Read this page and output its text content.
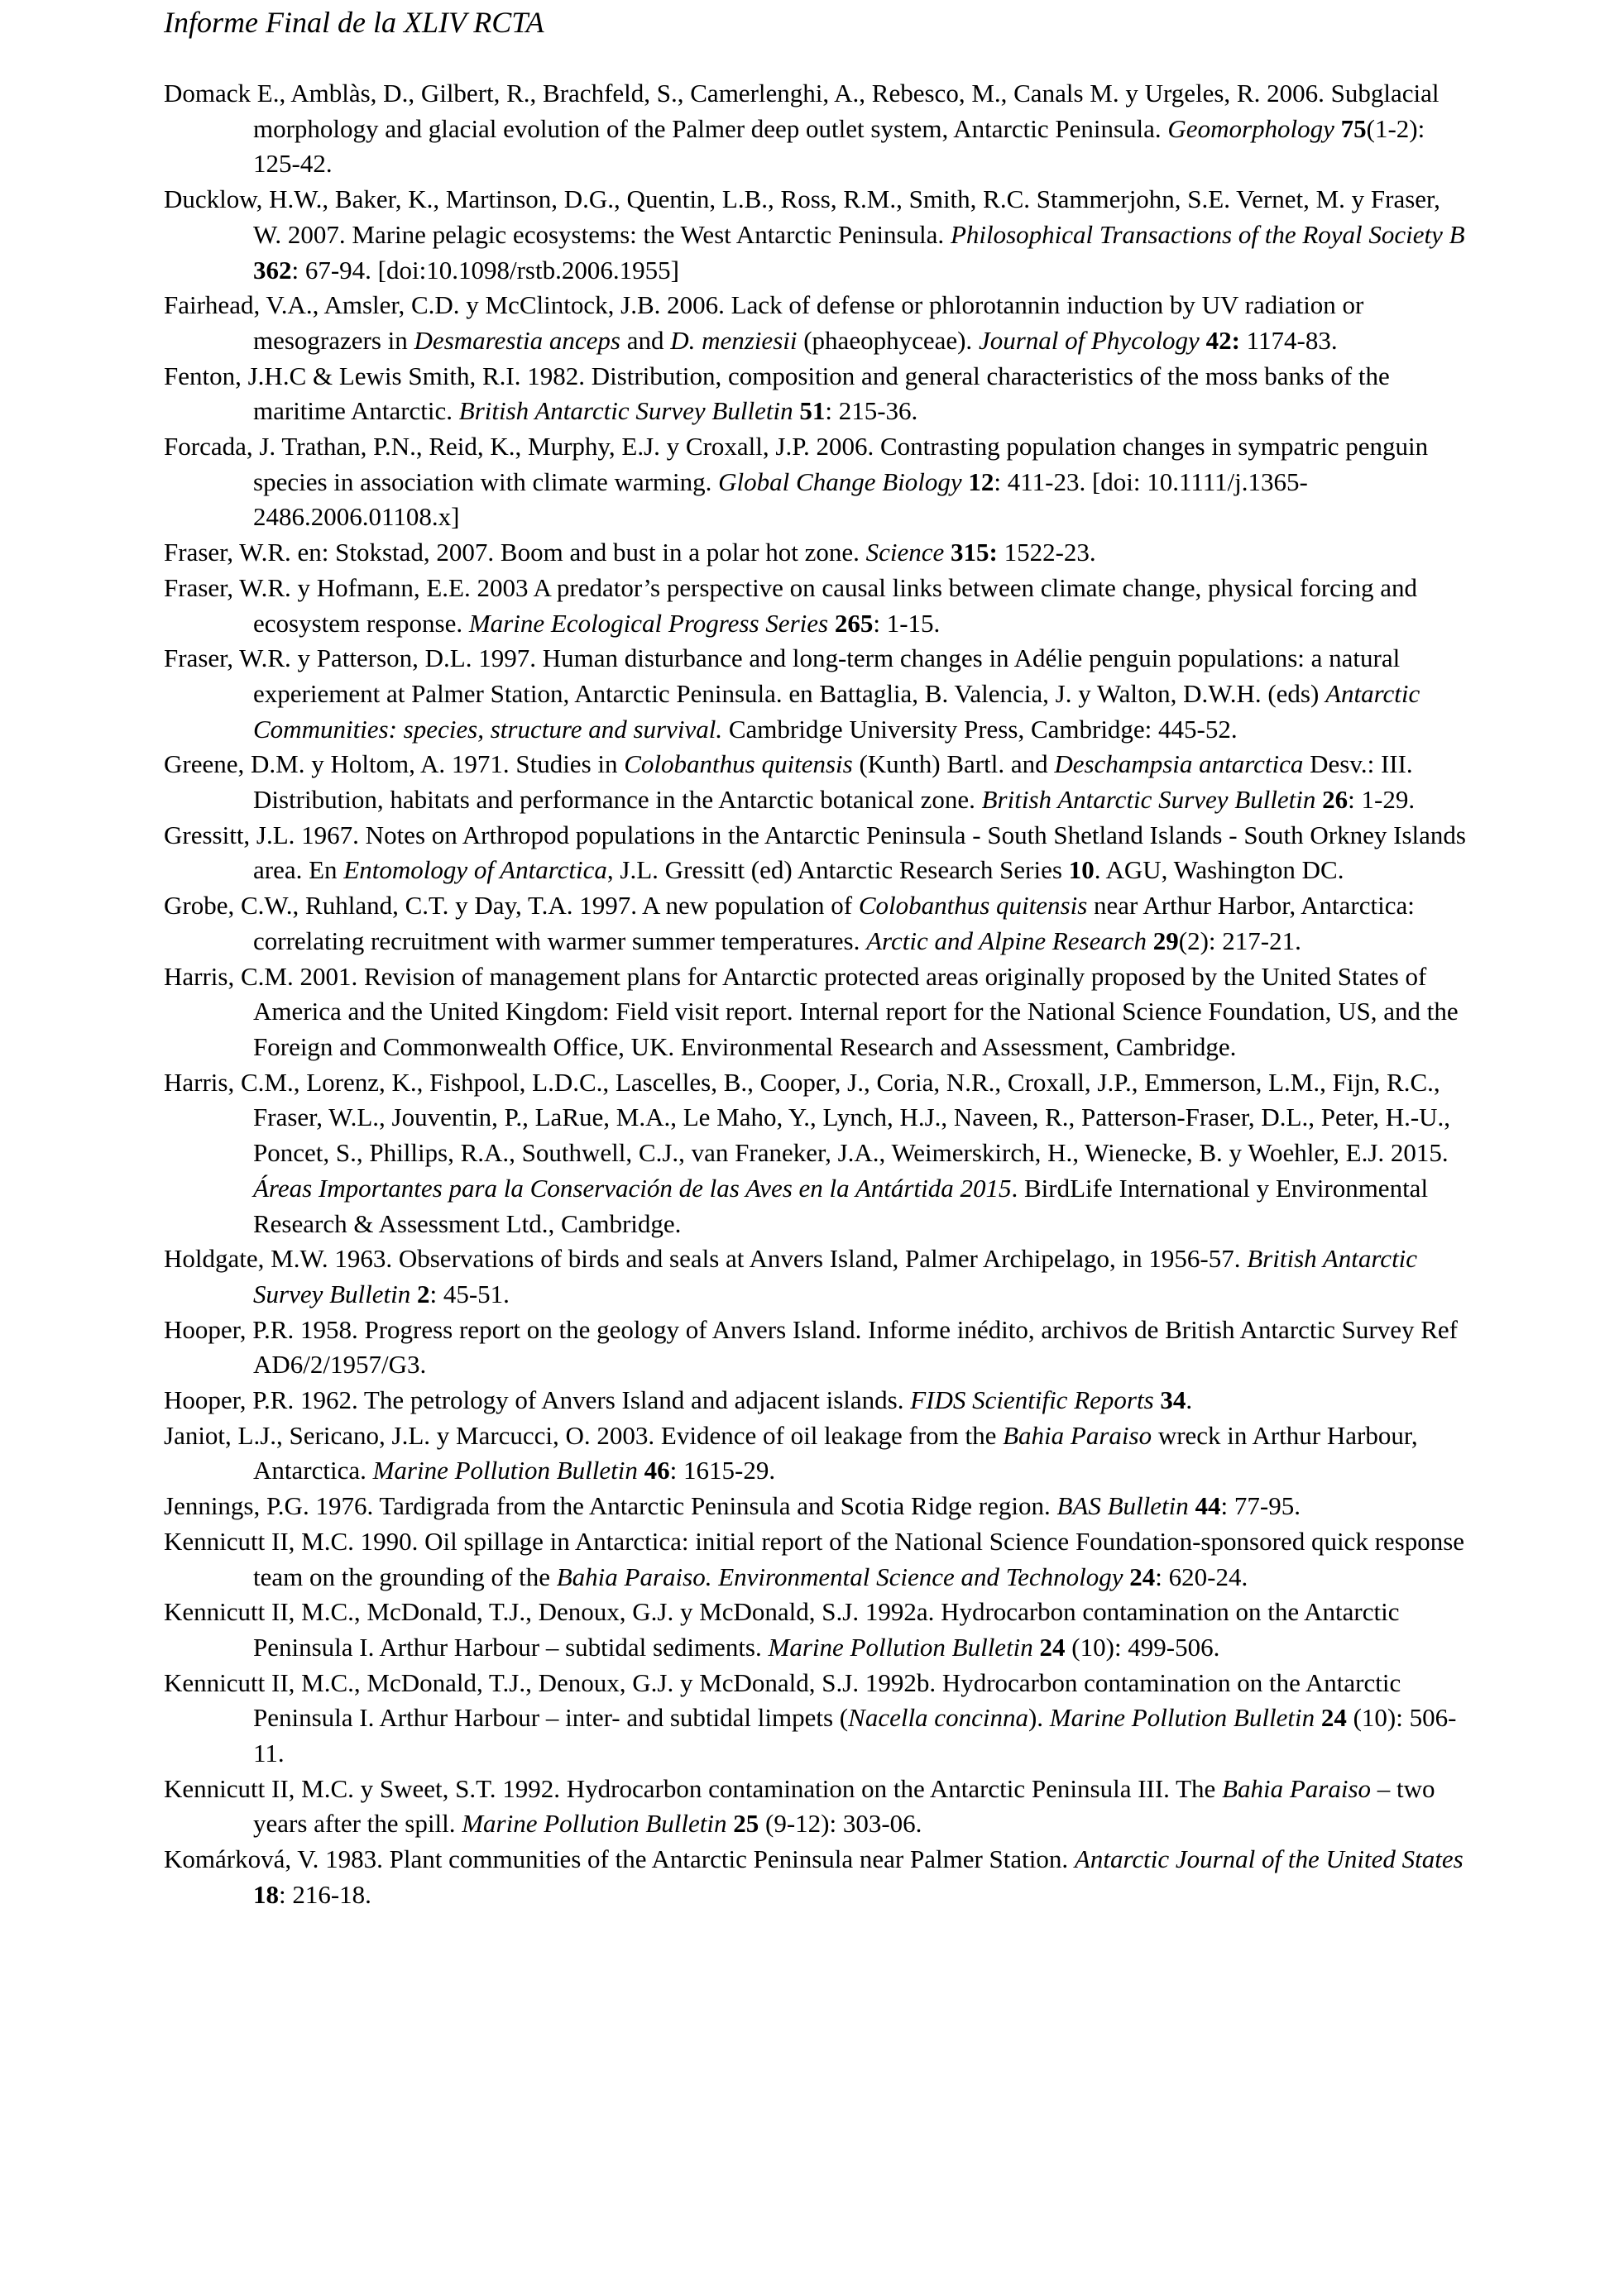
Informe Final de la XLIV RCTA

Domack E., Amblàs, D., Gilbert, R., Brachfeld, S., Camerlenghi, A., Rebesco, M., Canals M. y Urgeles, R. 2006. Subglacial morphology and glacial evolution of the Palmer deep outlet system, Antarctic Peninsula. Geomorphology 75(1-2): 125-42.

Ducklow, H.W., Baker, K., Martinson, D.G., Quentin, L.B., Ross, R.M., Smith, R.C. Stammerjohn, S.E. Vernet, M. y Fraser, W. 2007. Marine pelagic ecosystems: the West Antarctic Peninsula. Philosophical Transactions of the Royal Society B 362: 67-94. [doi:10.1098/rstb.2006.1955]

Fairhead, V.A., Amsler, C.D. y McClintock, J.B. 2006. Lack of defense or phlorotannin induction by UV radiation or mesograzers in Desmarestia anceps and D. menziesii (phaeophyceae). Journal of Phycology 42: 1174-83.

Fenton, J.H.C & Lewis Smith, R.I. 1982. Distribution, composition and general characteristics of the moss banks of the maritime Antarctic. British Antarctic Survey Bulletin 51: 215-36.

Forcada, J. Trathan, P.N., Reid, K., Murphy, E.J. y Croxall, J.P. 2006. Contrasting population changes in sympatric penguin species in association with climate warming. Global Change Biology 12: 411-23. [doi: 10.1111/j.1365-2486.2006.01108.x]

Fraser, W.R. en: Stokstad, 2007. Boom and bust in a polar hot zone. Science 315: 1522-23.

Fraser, W.R. y Hofmann, E.E. 2003 A predator’s perspective on causal links between climate change, physical forcing and ecosystem response. Marine Ecological Progress Series 265: 1-15.

Fraser, W.R. y Patterson, D.L. 1997. Human disturbance and long-term changes in Adélie penguin populations: a natural experiement at Palmer Station, Antarctic Peninsula. en Battaglia, B. Valencia, J. y Walton, D.W.H. (eds) Antarctic Communities: species, structure and survival. Cambridge University Press, Cambridge: 445-52.

Greene, D.M. y Holtom, A. 1971. Studies in Colobanthus quitensis (Kunth) Bartl. and Deschampsia antarctica Desv.: III. Distribution, habitats and performance in the Antarctic botanical zone. British Antarctic Survey Bulletin 26: 1-29.

Gressitt, J.L. 1967. Notes on Arthropod populations in the Antarctic Peninsula - South Shetland Islands - South Orkney Islands area. En Entomology of Antarctica, J.L. Gressitt (ed) Antarctic Research Series 10. AGU, Washington DC.

Grobe, C.W., Ruhland, C.T. y Day, T.A. 1997. A new population of Colobanthus quitensis near Arthur Harbor, Antarctica: correlating recruitment with warmer summer temperatures. Arctic and Alpine Research 29(2): 217-21.

Harris, C.M. 2001. Revision of management plans for Antarctic protected areas originally proposed by the United States of America and the United Kingdom: Field visit report. Internal report for the National Science Foundation, US, and the Foreign and Commonwealth Office, UK. Environmental Research and Assessment, Cambridge.

Harris, C.M., Lorenz, K., Fishpool, L.D.C., Lascelles, B., Cooper, J., Coria, N.R., Croxall, J.P., Emmerson, L.M., Fijn, R.C., Fraser, W.L., Jouventin, P., LaRue, M.A., Le Maho, Y., Lynch, H.J., Naveen, R., Patterson-Fraser, D.L., Peter, H.-U., Poncet, S., Phillips, R.A., Southwell, C.J., van Franeker, J.A., Weimerskirch, H., Wienecke, B. y Woehler, E.J. 2015. Áreas Importantes para la Conservación de las Aves en la Antártida 2015. BirdLife International y Environmental Research & Assessment Ltd., Cambridge.

Holdgate, M.W. 1963. Observations of birds and seals at Anvers Island, Palmer Archipelago, in 1956-57. British Antarctic Survey Bulletin 2: 45-51.

Hooper, P.R. 1958. Progress report on the geology of Anvers Island. Informe inédito, archivos de British Antarctic Survey Ref AD6/2/1957/G3.

Hooper, P.R. 1962. The petrology of Anvers Island and adjacent islands. FIDS Scientific Reports 34.

Janiot, L.J., Sericano, J.L. y Marcucci, O. 2003. Evidence of oil leakage from the Bahia Paraiso wreck in Arthur Harbour, Antarctica. Marine Pollution Bulletin 46: 1615-29.

Jennings, P.G. 1976. Tardigrada from the Antarctic Peninsula and Scotia Ridge region. BAS Bulletin 44: 77-95.

Kennicutt II, M.C. 1990. Oil spillage in Antarctica: initial report of the National Science Foundation-sponsored quick response team on the grounding of the Bahia Paraiso. Environmental Science and Technology 24: 620-24.

Kennicutt II, M.C., McDonald, T.J., Denoux, G.J. y McDonald, S.J. 1992a. Hydrocarbon contamination on the Antarctic Peninsula I. Arthur Harbour – subtidal sediments. Marine Pollution Bulletin 24 (10): 499-506.

Kennicutt II, M.C., McDonald, T.J., Denoux, G.J. y McDonald, S.J. 1992b. Hydrocarbon contamination on the Antarctic Peninsula I. Arthur Harbour – inter- and subtidal limpets (Nacella concinna). Marine Pollution Bulletin 24 (10): 506-11.

Kennicutt II, M.C. y Sweet, S.T. 1992. Hydrocarbon contamination on the Antarctic Peninsula III. The Bahia Paraiso – two years after the spill. Marine Pollution Bulletin 25 (9-12): 303-06.

Komárková, V. 1983. Plant communities of the Antarctic Peninsula near Palmer Station. Antarctic Journal of the United States 18: 216-18.
